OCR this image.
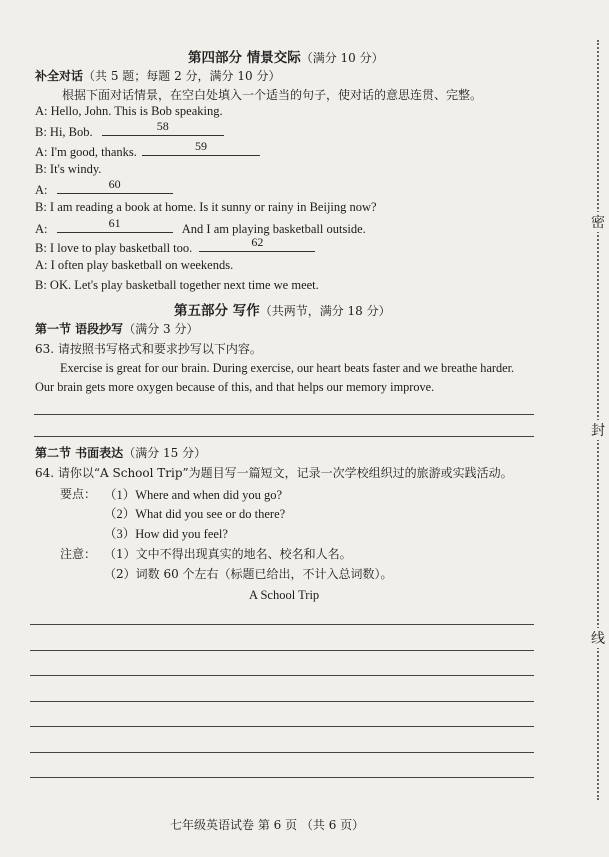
第四部分 情景交际（满分 10 分）
补全对话（共 5 题；每题 2 分，满分 10 分）
根据下面对话情景，在空白处填入一个适当的句子，使对话的意思连贯、完整。
A: Hello, John. This is Bob speaking.
B: Hi, Bob.	58
A: I'm good, thanks.	59
B: It's windy.
A:	60
B: I am reading a book at home. Is it sunny or rainy in Beijing now?
A:	61	And I am playing basketball outside.
B: I love to play basketball too.	62
A: I often play basketball on weekends.
B: OK. Let's play basketball together next time we meet.
第五部分 写作（共两节，满分 18 分）
第一节 语段抄写（满分 3 分）
63. 请按照书写格式和要求抄写以下内容。
Exercise is great for our brain. During exercise, our heart beats faster and we breathe harder.
Our brain gets more oxygen because of this, and that helps our memory improve.
第二节 书面表达（满分 15 分）
64. 请你以“A School Trip”为题目写一篇短文，记录一次学校组织过的旅游或实践活动。
要点： （1）Where and when did you go?
（2）What did you see or do there?
（3）How did you feel?
注意： （1）文中不得出现真实的地名、校名和人名。
（2）词数 60 个左右（标题已给出，不计入总词数）。
A School Trip
密
封
线
七年级英语试卷 第 6 页 （共 6 页）
